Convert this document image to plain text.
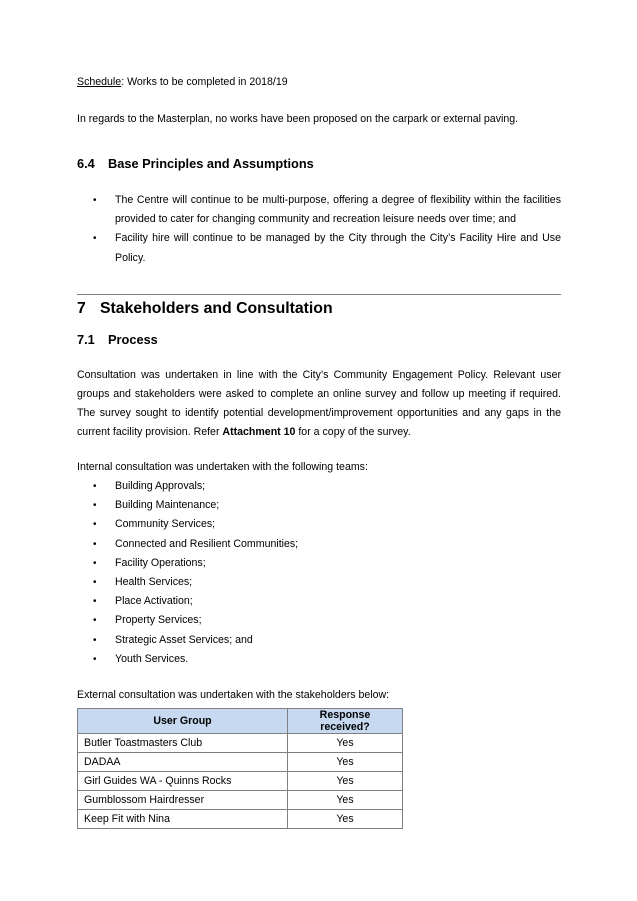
Schedule: Works to be completed in 2018/19

In regards to the Masterplan, no works have been proposed on the carpark or external paving.

6.4 Base Principles and Assumptions
• The Centre will continue to be multi-purpose, offering a degree of flexibility within the facilities provided to cater for changing community and recreation leisure needs over time; and
• Facility hire will continue to be managed by the City through the City’s Facility Hire and Use Policy.
7 Stakeholders and Consultation
7.1 Process

Consultation was undertaken in line with the City’s Community Engagement Policy. Relevant user groups and stakeholders were asked to complete an online survey and follow up meeting if required. The survey sought to identify potential development/improvement opportunities and any gaps in the current facility provision. Refer Attachment 10 for a copy of the survey.

Internal consultation was undertaken with the following teams:

• Building Approvals;
• Building Maintenance;
• Community Services;
• Connected and Resilient Communities;
• Facility Operations;
• Health Services;
• Place Activation;
• Property Services;
• Strategic Asset Services; and
• Youth Services.

External consultation was undertaken with the stakeholders below:

User Group	Response received?
Butler Toastmasters Club	Yes
DADAA	Yes
Girl Guides WA - Quinns Rocks	Yes
Gumblossom Hairdresser	Yes
Keep Fit with Nina	Yes
